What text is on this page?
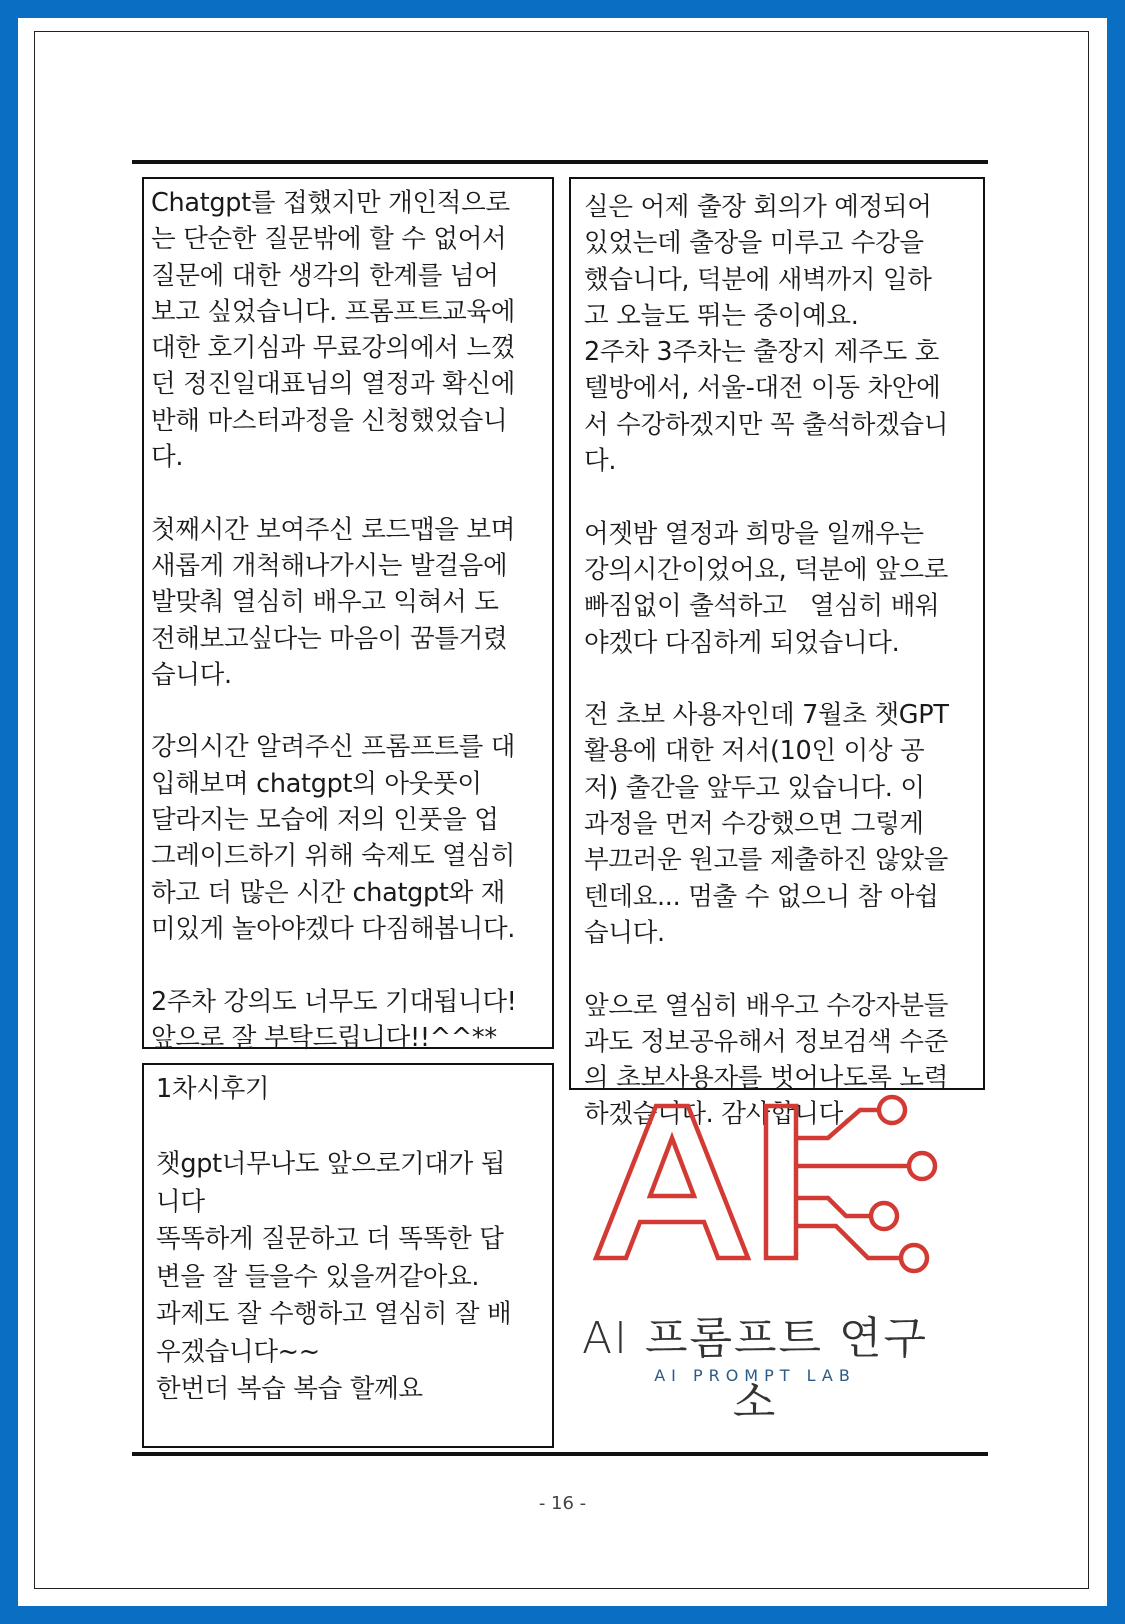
Chatgpt를 접했지만 개인적으로
는 단순한 질문밖에 할 수 없어서
질문에 대한 생각의 한계를 넘어
보고 싶었습니다. 프롬프트교육에
대한 호기심과 무료강의에서 느꼈
던 정진일대표님의 열정과 확신에
반해 마스터과정을 신청했었습니
다.

첫째시간 보여주신 로드맵을 보며
새롭게 개척해나가시는 발걸음에
발맞춰 열심히 배우고 익혀서 도
전해보고싶다는 마음이 꿈틀거렸
습니다.

강의시간 알려주신 프롬프트를 대
입해보며 chatgpt의 아웃풋이
달라지는 모습에 저의 인풋을 업
그레이드하기 위해 숙제도 열심히
하고 더 많은 시간 chatgpt와 재
미있게 놀아야겠다 다짐해봅니다.

2주차 강의도 너무도 기대됩니다!
앞으로 잘 부탁드립니다!!^^**

실은 어제 출장 회의가 예정되어
있었는데 출장을 미루고 수강을
했습니다, 덕분에 새벽까지 일하
고 오늘도 뛰는 중이예요.
2주차 3주차는 출장지 제주도 호
텔방에서, 서울-대전 이동 차안에
서 수강하겠지만 꼭 출석하겠습니
다.

어젯밤 열정과 희망을 일깨우는
강의시간이었어요, 덕분에 앞으로
빠짐없이 출석하고   열심히 배워
야겠다 다짐하게 되었습니다.

전 초보 사용자인데 7월초 챗GPT
활용에 대한 저서(10인 이상 공
저) 출간을 앞두고 있습니다. 이
과정을 먼저 수강했으면 그렇게
부끄러운 원고를 제출하진 않았을
텐데요... 멈출 수 없으니 참 아쉽
습니다.

앞으로 열심히 배우고 수강자분들
과도 정보공유해서 정보검색 수준
의 초보사용자를 벗어나도록 노력
하겠습니다. 감사합니다.

1차시후기

챗gpt너무나도 앞으로기대가 됩
니다
똑똑하게 질문하고 더 똑똑한 답
변을 잘 들을수 있을꺼같아요.
과제도 잘 수행하고 열심히 잘 배
우겠습니다~~
한번더 복습 복습 할께요

AI 프롬프트 연구소
AI PROMPT LAB
- 16 -
